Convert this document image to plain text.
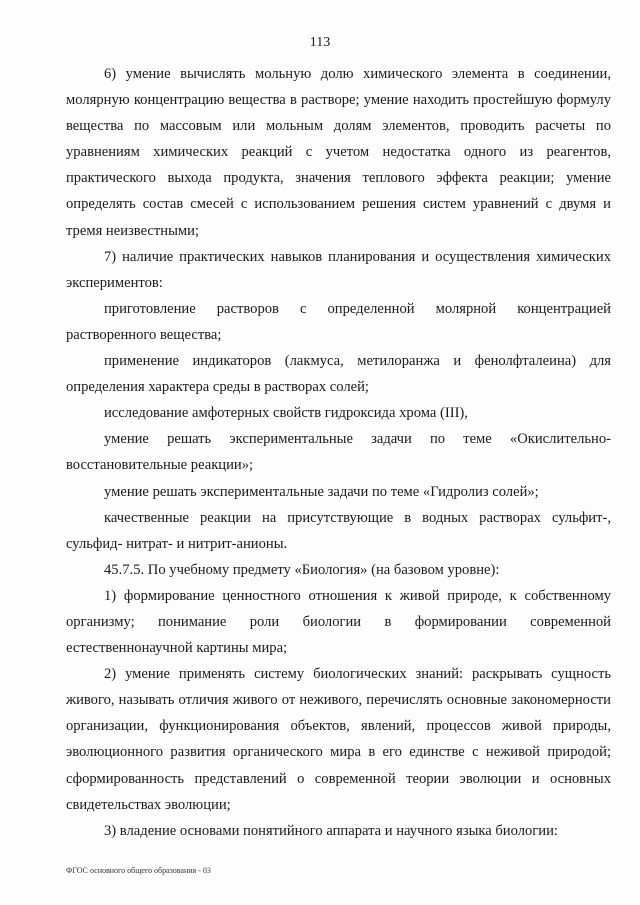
113

6) умение вычислять мольную долю химического элемента в соединении, молярную концентрацию вещества в растворе; умение находить простейшую формулу вещества по массовым или мольным долям элементов, проводить расчеты по уравнениям химических реакций с учетом недостатка одного из реагентов, практического выхода продукта, значения теплового эффекта реакции; умение определять состав смесей с использованием решения систем уравнений с двумя и тремя неизвестными;

7) наличие практических навыков планирования и осуществления химических экспериментов:

приготовление растворов с определенной молярной концентрацией растворенного вещества;

применение индикаторов (лакмуса, метилоранжа и фенолфталеина) для определения характера среды в растворах солей;

исследование амфотерных свойств гидроксида хрома (III),

умение решать экспериментальные задачи по теме «Окислительно-восстановительные реакции»;

умение решать экспериментальные задачи по теме «Гидролиз солей»;

качественные реакции на присутствующие в водных растворах сульфит-, сульфид- нитрат- и нитрит-анионы.

45.7.5. По учебному предмету «Биология» (на базовом уровне):

1) формирование ценностного отношения к живой природе, к собственному организму; понимание роли биологии в формировании современной естественнонаучной картины мира;

2) умение применять систему биологических знаний: раскрывать сущность живого, называть отличия живого от неживого, перечислять основные закономерности организации, функционирования объектов, явлений, процессов живой природы, эволюционного развития органического мира в его единстве с неживой природой; сформированность представлений о современной теории эволюции и основных свидетельствах эволюции;

3) владение основами понятийного аппарата и научного языка биологии:

ФГОС основного общего образования - 03
